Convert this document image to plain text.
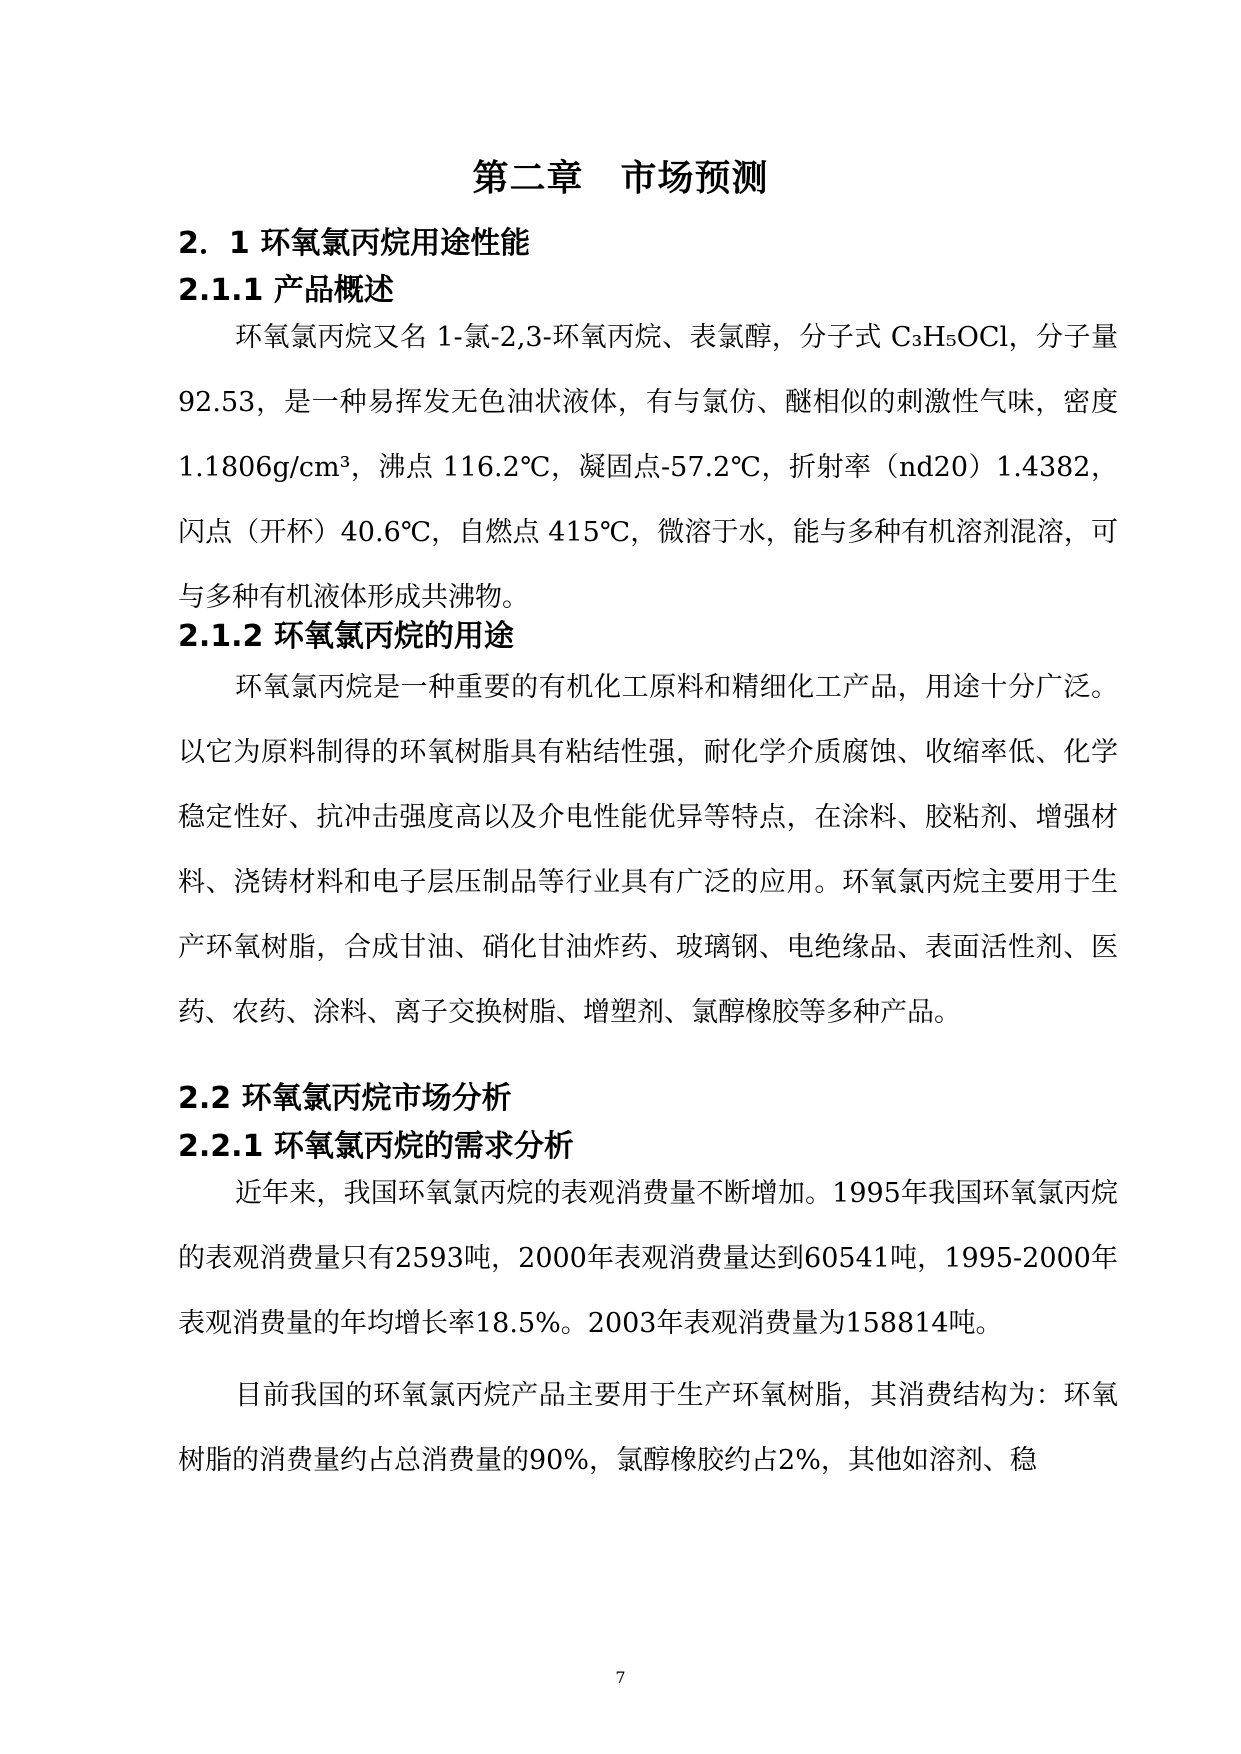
第二章　市场预测
2．1 环氧氯丙烷用途性能
2.1.1 产品概述
环氧氯丙烷又名 1-氯-2,3-环氧丙烷、表氯醇，分子式 C₃H₅OCl，分子量 92.53，是一种易挥发无色油状液体，有与氯仿、醚相似的刺激性气味，密度 1.1806g/cm³，沸点 116.2℃，凝固点-57.2℃，折射率（nd20）1.4382，闪点（开杯）40.6℃，自燃点 415℃，微溶于水，能与多种有机溶剂混溶，可与多种有机液体形成共沸物。
2.1.2 环氧氯丙烷的用途
环氧氯丙烷是一种重要的有机化工原料和精细化工产品，用途十分广泛。以它为原料制得的环氧树脂具有粘结性强，耐化学介质腐蚀、收缩率低、化学稳定性好、抗冲击强度高以及介电性能优异等特点，在涂料、胶粘剂、增强材料、浇铸材料和电子层压制品等行业具有广泛的应用。环氧氯丙烷主要用于生产环氧树脂，合成甘油、硝化甘油炸药、玻璃钢、电绝缘品、表面活性剂、医药、农药、涂料、离子交换树脂、增塑剂、氯醇橡胶等多种产品。
2.2 环氧氯丙烷市场分析
2.2.1 环氧氯丙烷的需求分析
近年来，我国环氧氯丙烷的表观消费量不断增加。1995年我国环氧氯丙烷的表观消费量只有2593吨，2000年表观消费量达到60541吨，1995-2000年表观消费量的年均增长率18.5%。2003年表观消费量为158814吨。
目前我国的环氧氯丙烷产品主要用于生产环氧树脂，其消费结构为：环氧树脂的消费量约占总消费量的90%，氯醇橡胶约占2%，其他如溶剂、稳
7
